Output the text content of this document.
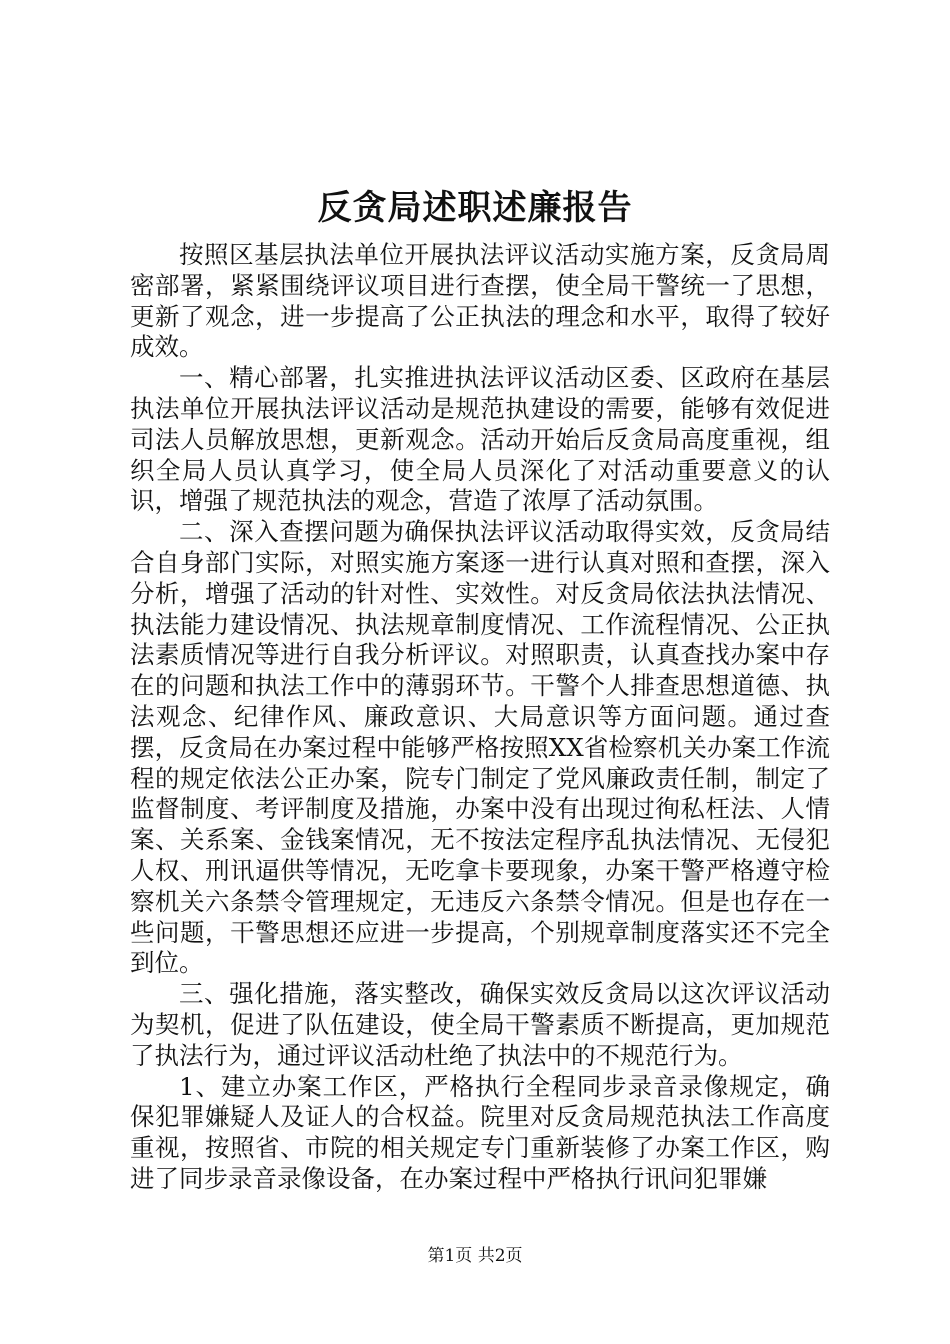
反贪局述职述廉报告

按照区基层执法单位开展执法评议活动实施方案，反贪局周密部署，紧紧围绕评议项目进行查摆，使全局干警统一了思想，更新了观念，进一步提高了公正执法的理念和水平，取得了较好成效。

一、精心部署，扎实推进执法评议活动区委、区政府在基层执法单位开展执法评议活动是规范执建设的需要，能够有效促进司法人员解放思想，更新观念。活动开始后反贪局高度重视，组织全局人员认真学习，使全局人员深化了对活动重要意义的认识，增强了规范执法的观念，营造了浓厚了活动氛围。

二、深入查摆问题为确保执法评议活动取得实效，反贪局结合自身部门实际，对照实施方案逐一进行认真对照和查摆，深入分析，增强了活动的针对性、实效性。对反贪局依法执法情况、执法能力建设情况、执法规章制度情况、工作流程情况、公正执法素质情况等进行自我分析评议。对照职责，认真查找办案中存在的问题和执法工作中的薄弱环节。干警个人排查思想道德、执法观念、纪律作风、廉政意识、大局意识等方面问题。通过查摆，反贪局在办案过程中能够严格按照XX省检察机关办案工作流程的规定依法公正办案，院专门制定了党风廉政责任制，制定了监督制度、考评制度及措施，办案中没有出现过徇私枉法、人情案、关系案、金钱案情况，无不按法定程序乱执法情况、无侵犯人权、刑讯逼供等情况，无吃拿卡要现象，办案干警严格遵守检察机关六条禁令管理规定，无违反六条禁令情况。但是也存在一些问题，干警思想还应进一步提高，个别规章制度落实还不完全到位。

三、强化措施，落实整改，确保实效反贪局以这次评议活动为契机，促进了队伍建设，使全局干警素质不断提高，更加规范了执法行为，通过评议活动杜绝了执法中的不规范行为。

1、建立办案工作区，严格执行全程同步录音录像规定，确保犯罪嫌疑人及证人的合权益。院里对反贪局规范执法工作高度重视，按照省、市院的相关规定专门重新装修了办案工作区，购进了同步录音录像设备，在办案过程中严格执行讯问犯罪嫌

第1页 共2页
